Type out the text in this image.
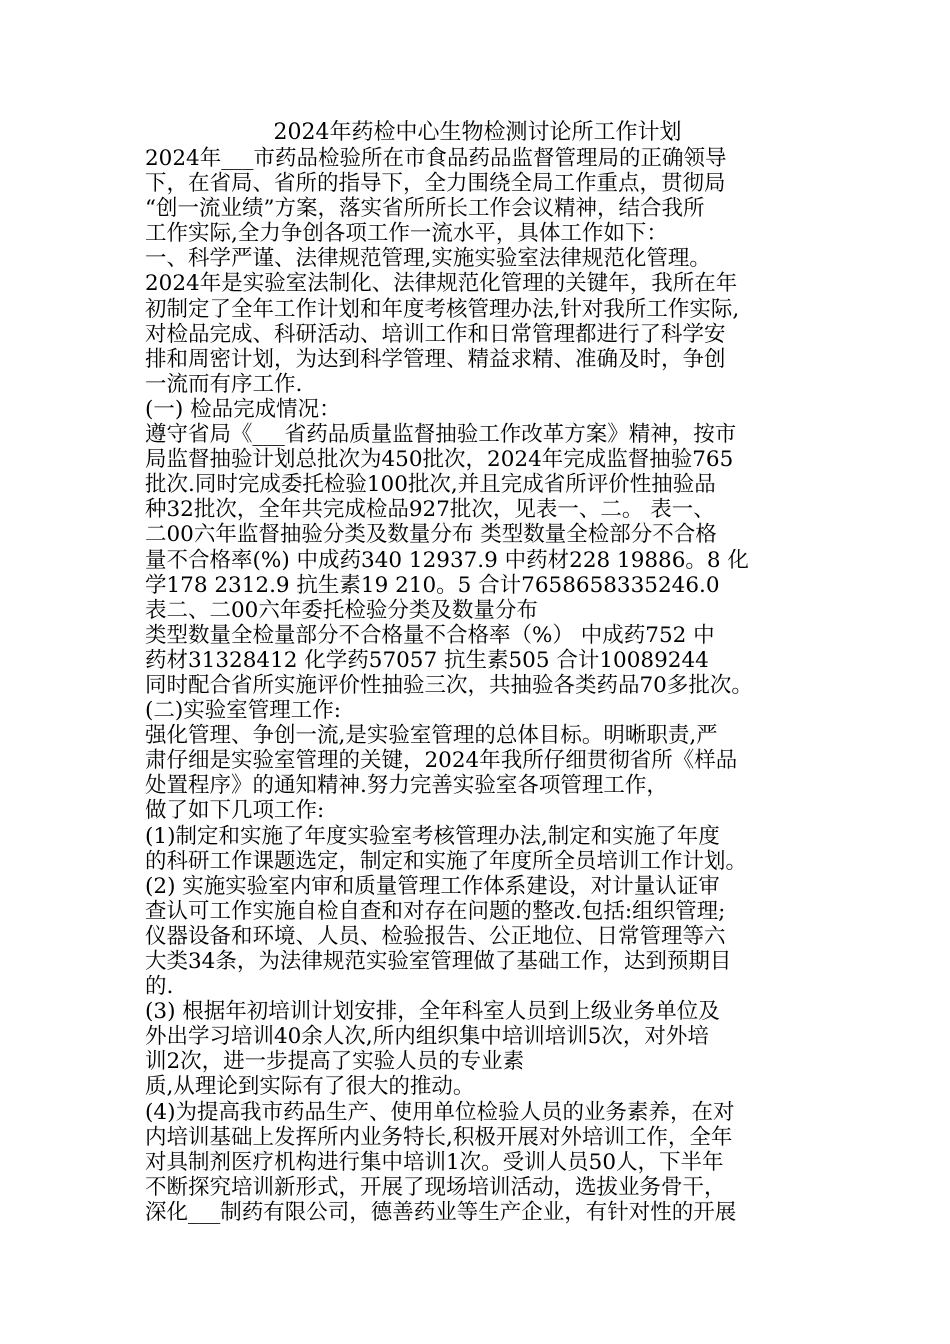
2024年药检中心生物检测讨论所工作计划
2024年___市药品检验所在市食品药品监督管理局的正确领导
下，在省局、省所的指导下，全力围绕全局工作重点，贯彻局
“创一流业绩”方案，落实省所所长工作会议精神，结合我所
工作实际,全力争创各项工作一流水平，具体工作如下：
一、科学严谨、法律规范管理,实施实验室法律规范化管理。
2024年是实验室法制化、法律规范化管理的关键年，我所在年
初制定了全年工作计划和年度考核管理办法,针对我所工作实际,
对检品完成、科研活动、培训工作和日常管理都进行了科学安
排和周密计划，为达到科学管理、精益求精、准确及时，争创
一流而有序工作.
(一) 检品完成情况：
遵守省局《___省药品质量监督抽验工作改革方案》精神，按市
局监督抽验计划总批次为450批次，2024年完成监督抽验765
批次.同时完成委托检验100批次,并且完成省所评价性抽验品
种32批次，全年共完成检品927批次，见表一、二。 表一、
二00六年监督抽验分类及数量分布 类型数量全检部分不合格
量不合格率(%) 中成药340 12937.9 中药材228 19886。8 化
学178 2312.9 抗生素19 210。5 合计7658658335246.0
表二、二00六年委托检验分类及数量分布
类型数量全检量部分不合格量不合格率（%） 中成药752 中
药材31328412 化学药57057 抗生素505 合计10089244
同时配合省所实施评价性抽验三次，共抽验各类药品70多批次。
(二)实验室管理工作:
强化管理、争创一流,是实验室管理的总体目标。明晰职责,严
肃仔细是实验室管理的关键，2024年我所仔细贯彻省所《样品
处置程序》的通知精神.努力完善实验室各项管理工作，
做了如下几项工作:
(1)制定和实施了年度实验室考核管理办法,制定和实施了年度
的科研工作课题选定，制定和实施了年度所全员培训工作计划。
(2) 实施实验室内审和质量管理工作体系建设，对计量认证审
查认可工作实施自检自查和对存在问题的整改.包括:组织管理;
仪器设备和环境、人员、检验报告、公正地位、日常管理等六
大类34条，为法律规范实验室管理做了基础工作，达到预期目
的.
(3) 根据年初培训计划安排，全年科室人员到上级业务单位及
外出学习培训40余人次,所内组织集中培训培训5次，对外培
训2次，进一步提高了实验人员的专业素
质,从理论到实际有了很大的推动。
(4)为提高我市药品生产、使用单位检验人员的业务素养，在对
内培训基础上发挥所内业务特长,积极开展对外培训工作，全年
对具制剂医疗机构进行集中培训1次。受训人员50人，下半年
不断探究培训新形式，开展了现场培训活动，选拔业务骨干，
深化___制药有限公司，德善药业等生产企业，有针对性的开展
